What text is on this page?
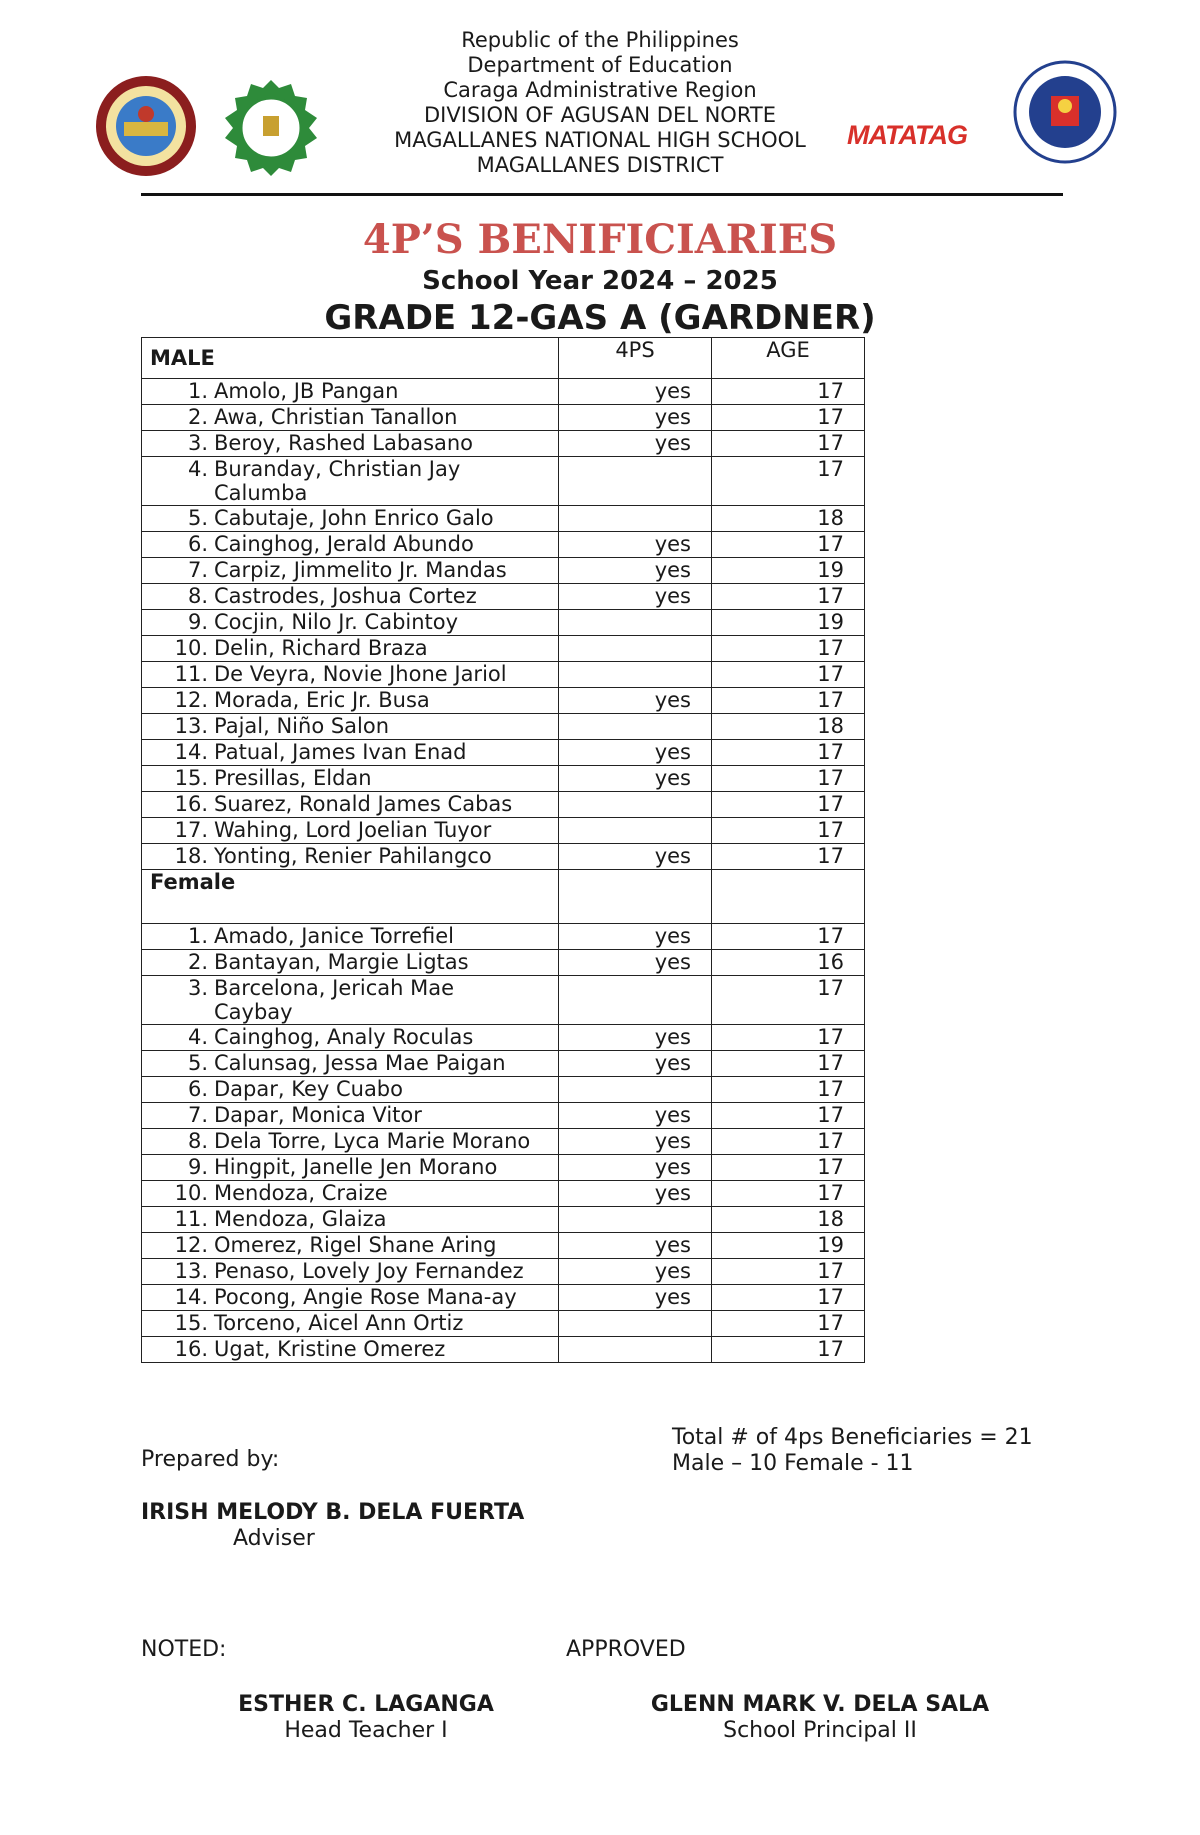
MATATAG
Republic of the Philippines
Department of Education
Caraga Administrative Region
DIVISION OF AGUSAN DEL NORTE
MAGALLANES NATIONAL HIGH SCHOOL
MAGALLANES DISTRICT
4P’S BENIFICIARIES
School Year 2024 – 2025
GRADE 12-GAS A (GARDNER)
MALE	4PS	AGE
1. Amolo, JB Pangan	yes	17
2. Awa, Christian Tanallon	yes	17
3. Beroy, Rashed Labasano	yes	17
4. Buranday, Christian Jay Calumba		17
5. Cabutaje, John Enrico Galo		18
6. Cainghog, Jerald Abundo	yes	17
7. Carpiz, Jimmelito Jr. Mandas	yes	19
8. Castrodes, Joshua Cortez	yes	17
9. Cocjin, Nilo Jr. Cabintoy		19
10. Delin, Richard Braza		17
11. De Veyra, Novie Jhone Jariol		17
12. Morada, Eric Jr. Busa	yes	17
13. Pajal, Niño Salon		18
14. Patual, James Ivan Enad	yes	17
15. Presillas, Eldan	yes	17
16. Suarez, Ronald James Cabas		17
17. Wahing, Lord Joelian Tuyor		17
18. Yonting, Renier Pahilangco	yes	17
Female		
1. Amado, Janice Torrefiel	yes	17
2. Bantayan, Margie Ligtas	yes	16
3. Barcelona, Jericah Mae Caybay		17
4. Cainghog, Analy Roculas	yes	17
5. Calunsag, Jessa Mae Paigan	yes	17
6. Dapar, Key Cuabo		17
7. Dapar, Monica Vitor	yes	17
8. Dela Torre, Lyca Marie Morano	yes	17
9. Hingpit, Janelle Jen Morano	yes	17
10. Mendoza, Craize	yes	17
11. Mendoza, Glaiza		18
12. Omerez, Rigel Shane Aring	yes	19
13. Penaso, Lovely Joy Fernandez	yes	17
14. Pocong, Angie Rose Mana-ay	yes	17
15. Torceno, Aicel Ann Ortiz		17
16. Ugat, Kristine Omerez		17
Total # of 4ps Beneficiaries = 21
Male – 10 Female - 11
Prepared by:
IRISH MELODY B. DELA FUERTA
Adviser
NOTED:	APPROVED
ESTHER C. LAGANGA
Head Teacher I
GLENN MARK V. DELA SALA
School Principal II
